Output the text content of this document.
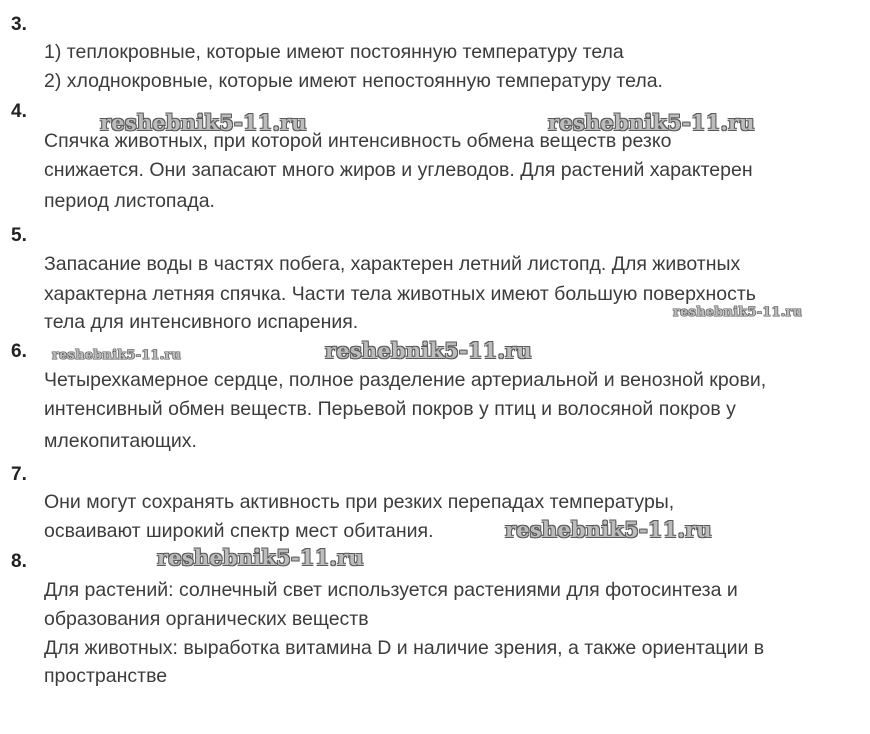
3.
1) теплокровные, которые имеют постоянную температуру тела
2) хлоднокровные, которые имеют непостоянную температуру тела.
4.
Спячка животных, при которой интенсивность обмена веществ резко
снижается. Они запасают много жиров и углеводов. Для растений характерен
период листопада.
5.
Запасание воды в частях побега, характерен летний листопд. Для животных
характерна летняя спячка. Части тела животных имеют большую поверхность
тела для интенсивного испарения.
6.
Четырехкамерное сердце, полное разделение артериальной и венозной крови,
интенсивный обмен веществ. Перьевой покров у птиц и волосяной покров у
млекопитающих.
7.
Они могут сохранять активность при резких перепадах температуры,
осваивают широкий спектр мест обитания.
8.
Для растений: солнечный свет используется растениями для фотосинтеза и
образования органических веществ
Для животных: выработка витамина D и наличие зрения, а также ориентации в
пространстве
reshebnik5-11.ru	reshebnik5-11.ru
reshebnik5-11.ru
reshebnik5-11.ru	reshebnik5-11.ru
reshebnik5-11.ru
reshebnik5-11.ru
